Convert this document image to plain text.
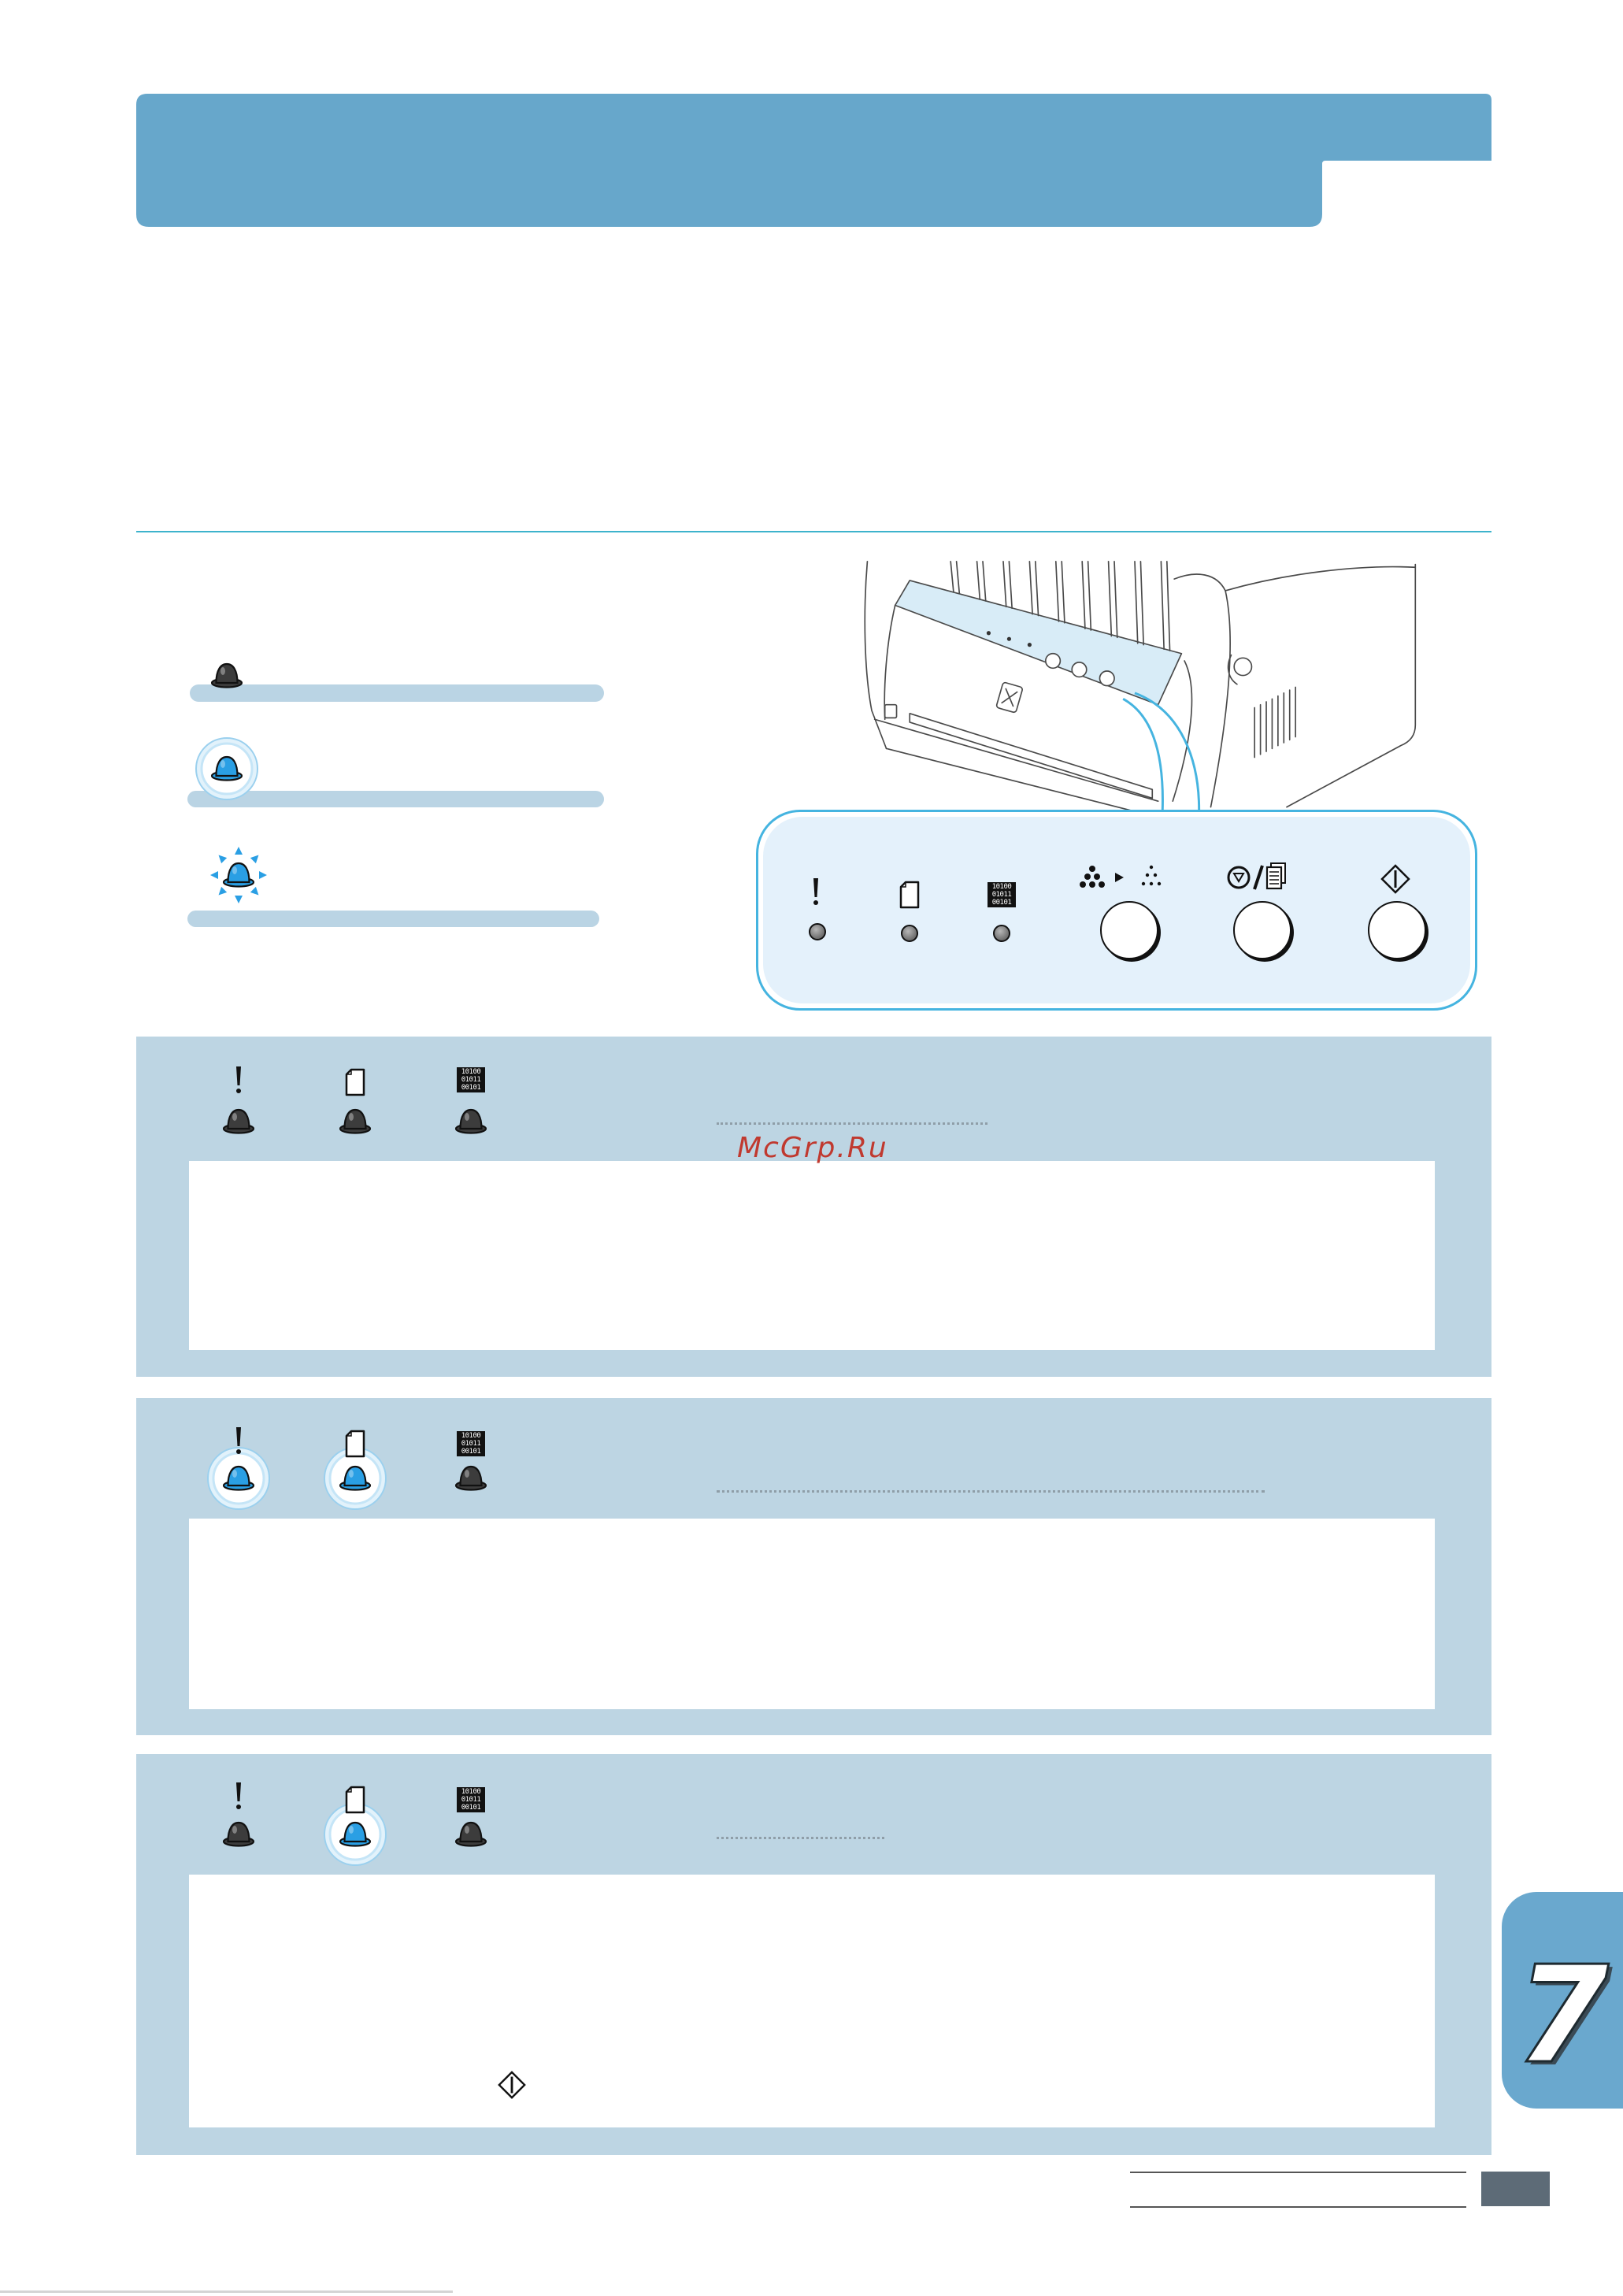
10100
01011
00101
10100
01011
00101
McGrp.Ru
10100
01011
00101
10100
01011
00101
7
